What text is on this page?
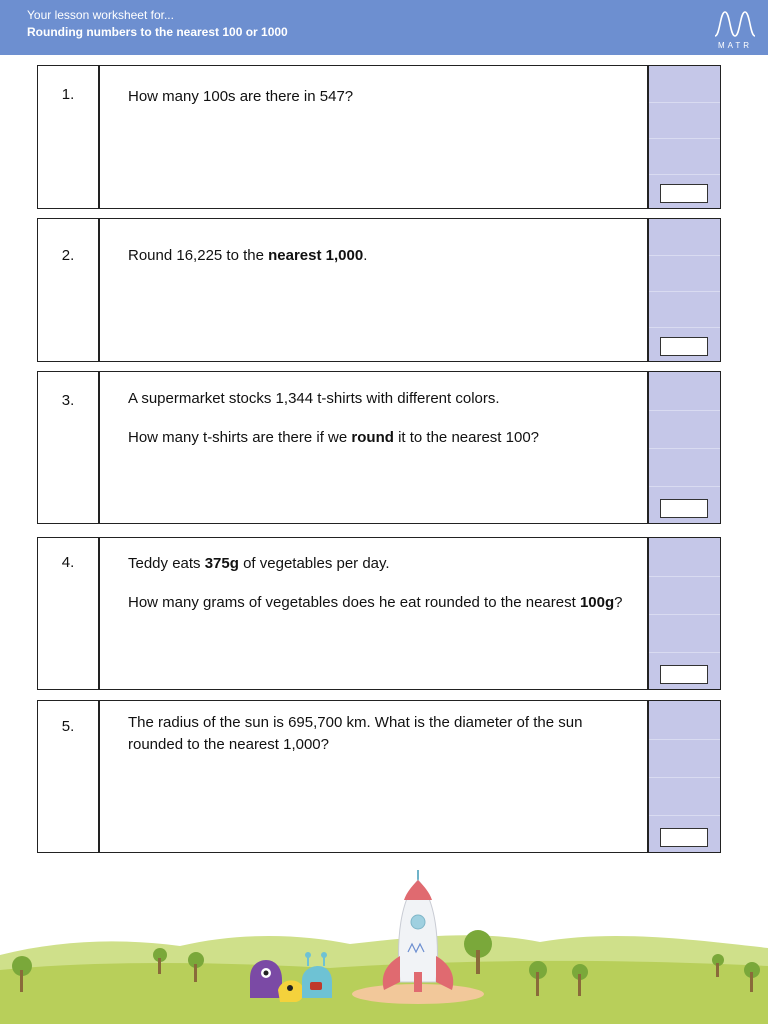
Your lesson worksheet for...
Rounding numbers to the nearest 100 or 1000
MATR
1.	How many 100s are there in 547?

2.	Round 16,225 to the nearest 1,000.

3.	A supermarket stocks 1,344 t-shirts with different colors.

How many t-shirts are there if we round it to the nearest 100?

4.	Teddy eats 375g of vegetables per day.

How many grams of vegetables does he eat rounded to the nearest 100g?

5.	The radius of the sun is 695,700 km. What is the diameter of the sun rounded to the nearest 1,000?
